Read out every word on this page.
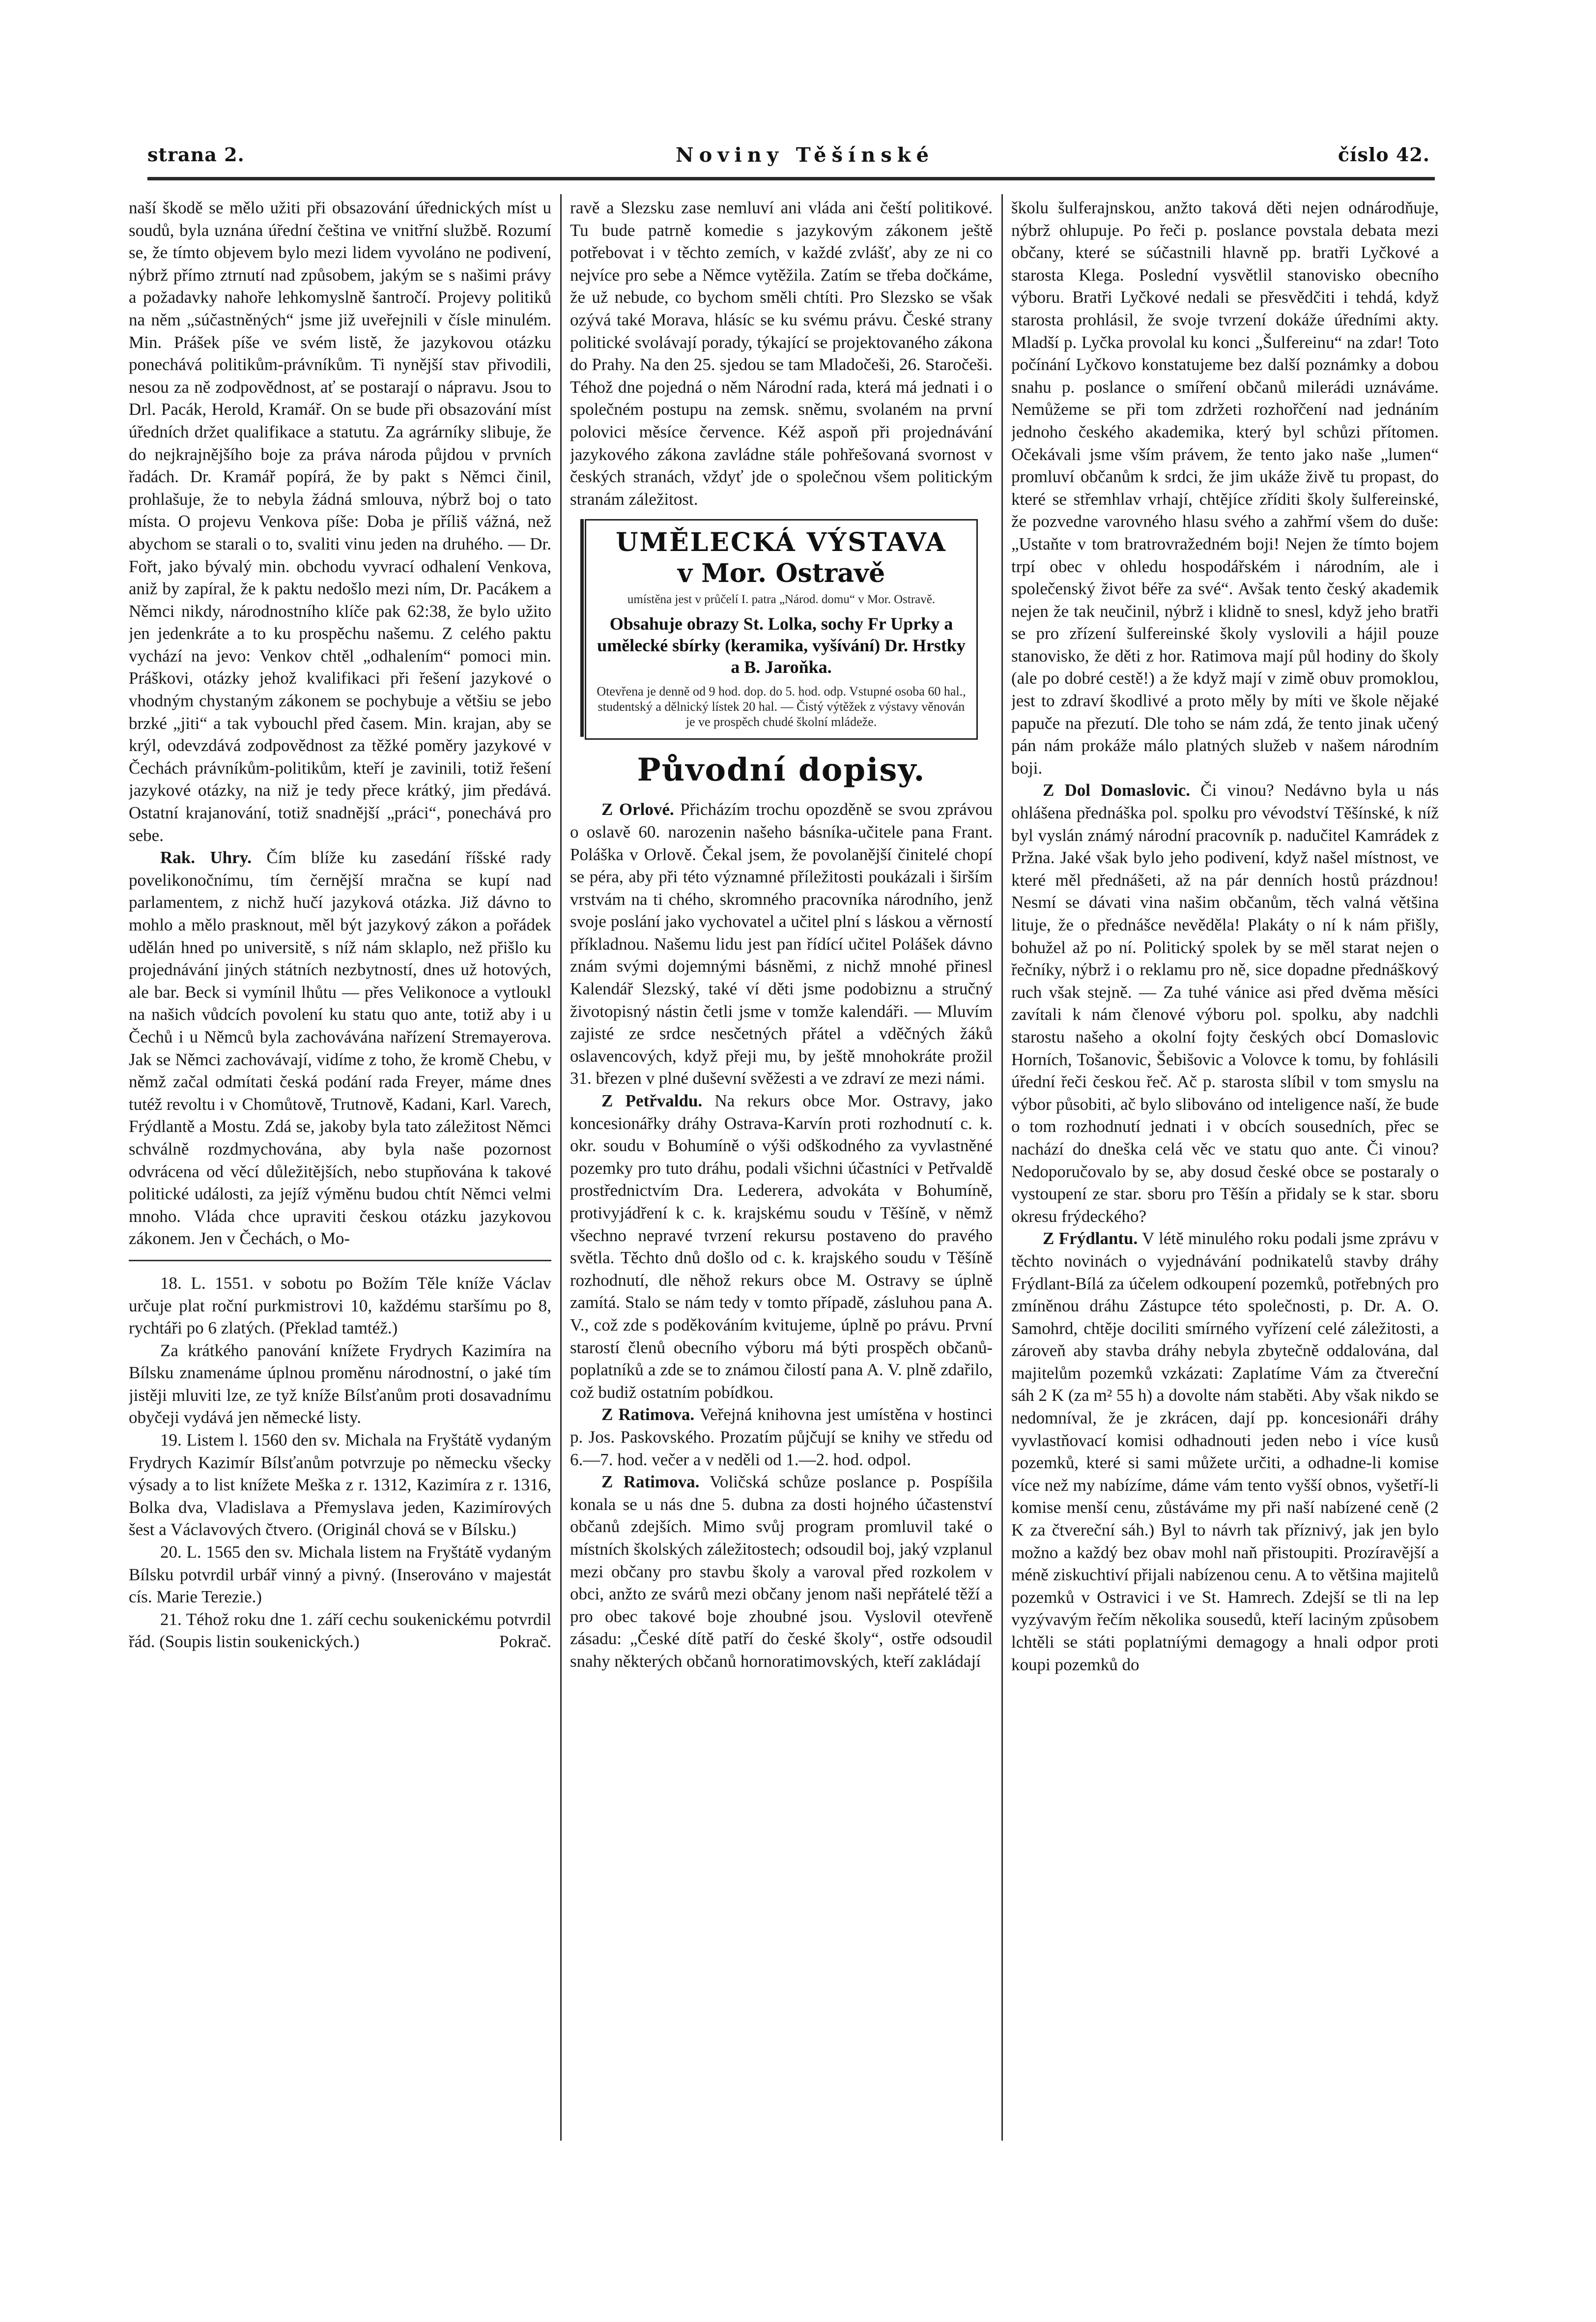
strana 2.	Noviny Těšínské	číslo 42.

naší škodě se mělo užiti při obsazování úřednických míst u soudů, byla uznána úřední čeština ve vnitřní službě. Rozumí se, že tímto objevem bylo mezi lidem vyvoláno ne podivení, nýbrž přímo ztrnutí nad způsobem, jakým se s našimi právy a požadavky nahoře lehkomyslně šantročí. Projevy politiků na něm „súčastněných“ jsme již uveřejnili v čísle minulém. Min. Prášek píše ve svém listě, že jazykovou otázku ponechává politikům-právníkům. Ti nynější stav přivodili, nesou za ně zodpovědnost, ať se postarají o nápravu. Jsou to Drl. Pacák, Herold, Kramář. On se bude při obsazování míst úředních držet qualifikace a statutu. Za agrárníky slibuje, že do nejkrajnějšího boje za práva národa půjdou v prvních řadách. Dr. Kramář popírá, že by pakt s Němci činil, prohlašuje, že to nebyla žádná smlouva, nýbrž boj o tato místa. O projevu Venkova píše: Doba je příliš vážná, než abychom se starali o to, svaliti vinu jeden na druhého. — Dr. Fořt, jako bývalý min. obchodu vyvrací odhalení Venkova, aniž by zapíral, že k paktu nedošlo mezi ním, Dr. Pacákem a Němci nikdy, národnostního klíče pak 62:38, že bylo užito jen jedenkráte a to ku prospěchu našemu. Z celého paktu vychází na jevo: Venkov chtěl „odhalením“ pomoci min. Práškovi, otázky jehož kvalifikaci při řešení jazykové o vhodným chystaným zákonem se pochybuje a většiu se jebo brzké „jiti“ a tak vybouchl před časem. Min. krajan, aby se krýl, odevzdává zodpovědnost za těžké poměry jazykové v Čechách právníkům-politikům, kteří je zavinili, totiž řešení jazykové otázky, na niž je tedy přece krátký, jim předává. Ostatní krajanování, totiž snadnější „práci“, ponechává pro sebe.

Rak. Uhry. Čím blíže ku zasedání říšské rady povelikonočnímu, tím černější mračna se kupí nad parlamentem, z nichž hučí jazyková otázka. Již dávno to mohlo a mělo prasknout, měl být jazykový zákon a pořádek udělán hned po universitě, s níž nám sklaplo, než přišlo ku projednávání jiných státních nezbytností, dnes už hotových, ale bar. Beck si vymínil lhůtu — přes Velikonoce a vytloukl na našich vůdcích povolení ku statu quo ante, totiž aby i u Čechů i u Němců byla zachovávána nařízení Stremayerova. Jak se Němci zachovávají, vidíme z toho, že kromě Chebu, v němž začal odmítati česká podání rada Freyer, máme dnes tutéž revoltu i v Chomůtově, Trutnově, Kadani, Karl. Varech, Frýdlantě a Mostu. Zdá se, jakoby byla tato záležitost Němci schválně rozdmychována, aby byla naše pozornost odvrácena od věcí důležitějších, nebo stupňována k takové politické události, za jejíž výměnu budou chtít Němci velmi mnoho. Vláda chce upraviti českou otázku jazykovou zákonem. Jen v Čechách, o Mo-

18. L. 1551. v sobotu po Božím Těle kníže Václav určuje plat roční purkmistrovi 10, každému staršímu po 8, rychtáři po 6 zlatých. (Překlad tamtéž.)

Za krátkého panování knížete Frydrych Kazimíra na Bílsku znamenáme úplnou proměnu národnostní, o jaké tím jistěji mluviti lze, ze tyž kníže Bílsťanům proti dosavadnímu obyčeji vydává jen německé listy.

19. Listem l. 1560 den sv. Michala na Fryštátě vydaným Frydrych Kazimír Bílsťanům potvrzuje po německu všecky výsady a to list knížete Meška z r. 1312, Kazimíra z r. 1316, Bolka dva, Vladislava a Přemyslava jeden, Kazimírových šest a Václavových čtvero. (Originál chová se v Bílsku.)

20. L. 1565 den sv. Michala listem na Fryštátě vydaným Bílsku potvrdil urbář vinný a pivný. (Inserováno v majestát cís. Marie Terezie.)

21. Téhož roku dne 1. září cechu soukenickému potvrdil řád. (Soupis listin soukenických.)	Pokrač.

ravě a Slezsku zase nemluví ani vláda ani čeští politikové. Tu bude patrně komedie s jazykovým zákonem ještě potřebovat i v těchto zemích, v každé zvlášť, aby ze ni co nejvíce pro sebe a Němce vytěžila. Zatím se třeba dočkáme, že už nebude, co bychom směli chtíti. Pro Slezsko se však ozývá také Morava, hlásíc se ku svému právu. České strany politické svolávají porady, týkající se projektovaného zákona do Prahy. Na den 25. sjedou se tam Mladočeši, 26. Staročeši. Téhož dne pojedná o něm Národní rada, která má jednati i o společném postupu na zemsk. sněmu, svolaném na první polovici měsíce července. Kéž aspoň při projednávání jazykového zákona zavládne stále pohřešovaná svornost v českých stranách, vždyť jde o společnou všem politickým stranám záležitost.

UMĚLECKÁ VÝSTAVA
v Mor. Ostravě
umístěna jest v průčelí I. patra „Národ. domu“ v Mor. Ostravě.
Obsahuje obrazy St. Lolka, sochy Fr Uprky a umělecké sbírky (keramika, vyšívání) Dr. Hrstky a B. Jaroňka.
Otevřena je denně od 9 hod. dop. do 5. hod. odp. Vstupné osoba 60 hal., studentský a dělnický lístek 20 hal. — Čistý výtěžek z výstavy věnován je ve prospěch chudé školní mládeže.
Původní dopisy.

Z Orlové. Přicházím trochu opozděně se svou zprávou o oslavě 60. narozenin našeho básníka-učitele pana Frant. Poláška v Orlově. Čekal jsem, že povolanější činitelé chopí se péra, aby při této významné příležitosti poukázali i širším vrstvám na ti chého, skromného pracovníka národního, jenž svoje poslání jako vychovatel a učitel plní s láskou a věrností příkladnou. Našemu lidu jest pan řídící učitel Polášek dávno znám svými dojemnými básněmi, z nichž mnohé přinesl Kalendář Slezský, také ví děti jsme podobiznu a stručný životopisný nástin četli jsme v tomže kalendáři. — Mluvím zajisté ze srdce nesčetných přátel a vděčných žáků oslavencových, když přeji mu, by ještě mnohokráte prožil 31. březen v plné duševní svěžesti a ve zdraví ze mezi námi.

Z Petřvaldu. Na rekurs obce Mor. Ostravy, jako koncesionářky dráhy Ostrava-Karvín proti rozhodnutí c. k. okr. soudu v Bohumíně o výši odškodného za vyvlastněné pozemky pro tuto dráhu, podali všichni účastníci v Petřvaldě prostřednictvím Dra. Lederera, advokáta v Bohumíně, protivyjádření k c. k. krajskému soudu v Těšíně, v němž všechno nepravé tvrzení rekursu postaveno do pravého světla. Těchto dnů došlo od c. k. krajského soudu v Těšíně rozhodnutí, dle něhož rekurs obce M. Ostravy se úplně zamítá. Stalo se nám tedy v tomto případě, zásluhou pana A. V., což zde s poděkováním kvitujeme, úplně po právu. První starostí členů obecního výboru má býti prospěch občanů-poplatníků a zde se to známou čilostí pana A. V. plně zdařilo, což budiž ostatním pobídkou.

Z Ratimova. Veřejná knihovna jest umístěna v hostinci p. Jos. Paskovského. Prozatím půjčují se knihy ve středu od 6.—7. hod. večer a v neděli od 1.—2. hod. odpol.

Z Ratimova. Voličská schůze poslance p. Pospíšila konala se u nás dne 5. dubna za dosti hojného účastenství občanů zdejších. Mimo svůj program promluvil také o místních školských záležitostech; odsoudil boj, jaký vzplanul mezi občany pro stavbu školy a varoval před rozkolem v obci, anžto ze svárů mezi občany jenom naši nepřátelé těží a pro obec takové boje zhoubné jsou. Vyslovil otevřeně zásadu: „České dítě patří do české školy“, ostře odsoudil snahy některých občanů hornoratimovských, kteří zakládají

školu šulferajnskou, anžto taková děti nejen odnárodňuje, nýbrž ohlupuje. Po řeči p. poslance povstala debata mezi občany, které se súčastnili hlavně pp. bratři Lyčkové a starosta Klega. Poslední vysvětlil stanovisko obecního výboru. Bratři Lyčkové nedali se přesvědčiti i tehdá, když starosta prohlásil, že svoje tvrzení dokáže úředními akty. Mladší p. Lyčka provolal ku konci „Šulfereinu“ na zdar! Toto počínání Lyčkovo konstatujeme bez další poznámky a dobou snahu p. poslance o smíření občanů milerádi uznáváme. Nemůžeme se při tom zdržeti rozhořčení nad jednáním jednoho českého akademika, který byl schůzi přítomen. Očekávali jsme vším právem, že tento jako naše „lumen“ promluví občanům k srdci, že jim ukáže živě tu propast, do které se střemhlav vrhají, chtějíce zříditi školy šulfereinské, že pozvedne varovného hlasu svého a zahřmí všem do duše: „Ustaňte v tom bratrovražedném boji! Nejen že tímto bojem trpí obec v ohledu hospodářském i národním, ale i společenský život béře za své“. Avšak tento český akademik nejen že tak neučinil, nýbrž i klidně to snesl, když jeho bratři se pro zřízení šulfereinské školy vyslovili a hájil pouze stanovisko, že děti z hor. Ratimova mají půl hodiny do školy (ale po dobré cestě!) a že když mají v zimě obuv promoklou, jest to zdraví škodlivé a proto měly by míti ve škole nějaké papuče na přezutí. Dle toho se nám zdá, že tento jinak učený pán nám prokáže málo platných služeb v našem národním boji.

Z Dol Domaslovic. Či vinou? Nedávno byla u nás ohlášena přednáška pol. spolku pro vévodství Těšínské, k níž byl vyslán známý národní pracovník p. nadučitel Kamrádek z Pržna. Jaké však bylo jeho podivení, když našel místnost, ve které měl přednášeti, až na pár denních hostů prázdnou! Nesmí se dávati vina našim občanům, těch valná většina lituje, že o přednášce nevěděla! Plakáty o ní k nám přišly, bohužel až po ní. Politický spolek by se měl starat nejen o řečníky, nýbrž i o reklamu pro ně, sice dopadne přednáškový ruch však stejně. — Za tuhé vánice asi před dvěma měsíci zavítali k nám členové výboru pol. spolku, aby nadchli starostu našeho a okolní fojty českých obcí Domaslovic Horních, Tošanovic, Šebišovic a Volovce k tomu, by fohlásili úřední řeči českou řeč. Ač p. starosta slíbil v tom smyslu na výbor působiti, ač bylo slibováno od inteligence naší, že bude o tom rozhodnutí jednati i v obcích sousedních, přec se nachází do dneška celá věc ve statu quo ante. Či vinou? Nedoporučovalo by se, aby dosud české obce se postaraly o vystoupení ze star. sboru pro Těšín a přidaly se k star. sboru okresu frýdeckého?

Z Frýdlantu. V létě minulého roku podali jsme zprávu v těchto novinách o vyjednávání podnikatelů stavby dráhy Frýdlant-Bílá za účelem odkoupení pozemků, potřebných pro zmíněnou dráhu Zástupce této společnosti, p. Dr. A. O. Samohrd, chtěje dociliti smírného vyřízení celé záležitosti, a zároveň aby stavba dráhy nebyla zbytečně oddalována, dal majitelům pozemků vzkázati: Zaplatíme Vám za čtvereční sáh 2 K (za m² 55 h) a dovolte nám staběti. Aby však nikdo se nedomníval, že je zkrácen, dají pp. koncesionáři dráhy vyvlastňovací komisi odhadnouti jeden nebo i více kusů pozemků, které si sami můžete určiti, a odhadne-li komise více než my nabízíme, dáme vám tento vyšší obnos, vyšetří-li komise menší cenu, zůstáváme my při naší nabízené ceně (2 K za čtvereční sáh.) Byl to návrh tak příznivý, jak jen bylo možno a každý bez obav mohl naň přistoupiti. Prozíravější a méně ziskuchtiví přijali nabízenou cenu. A to většina majitelů pozemků v Ostravici i ve St. Hamrech. Zdejší se tli na lep vyzývavým řečím několika sousedů, kteří laciným způsobem lchtěli se státi poplatníými demagogy a hnali odpor proti koupi pozemků do
